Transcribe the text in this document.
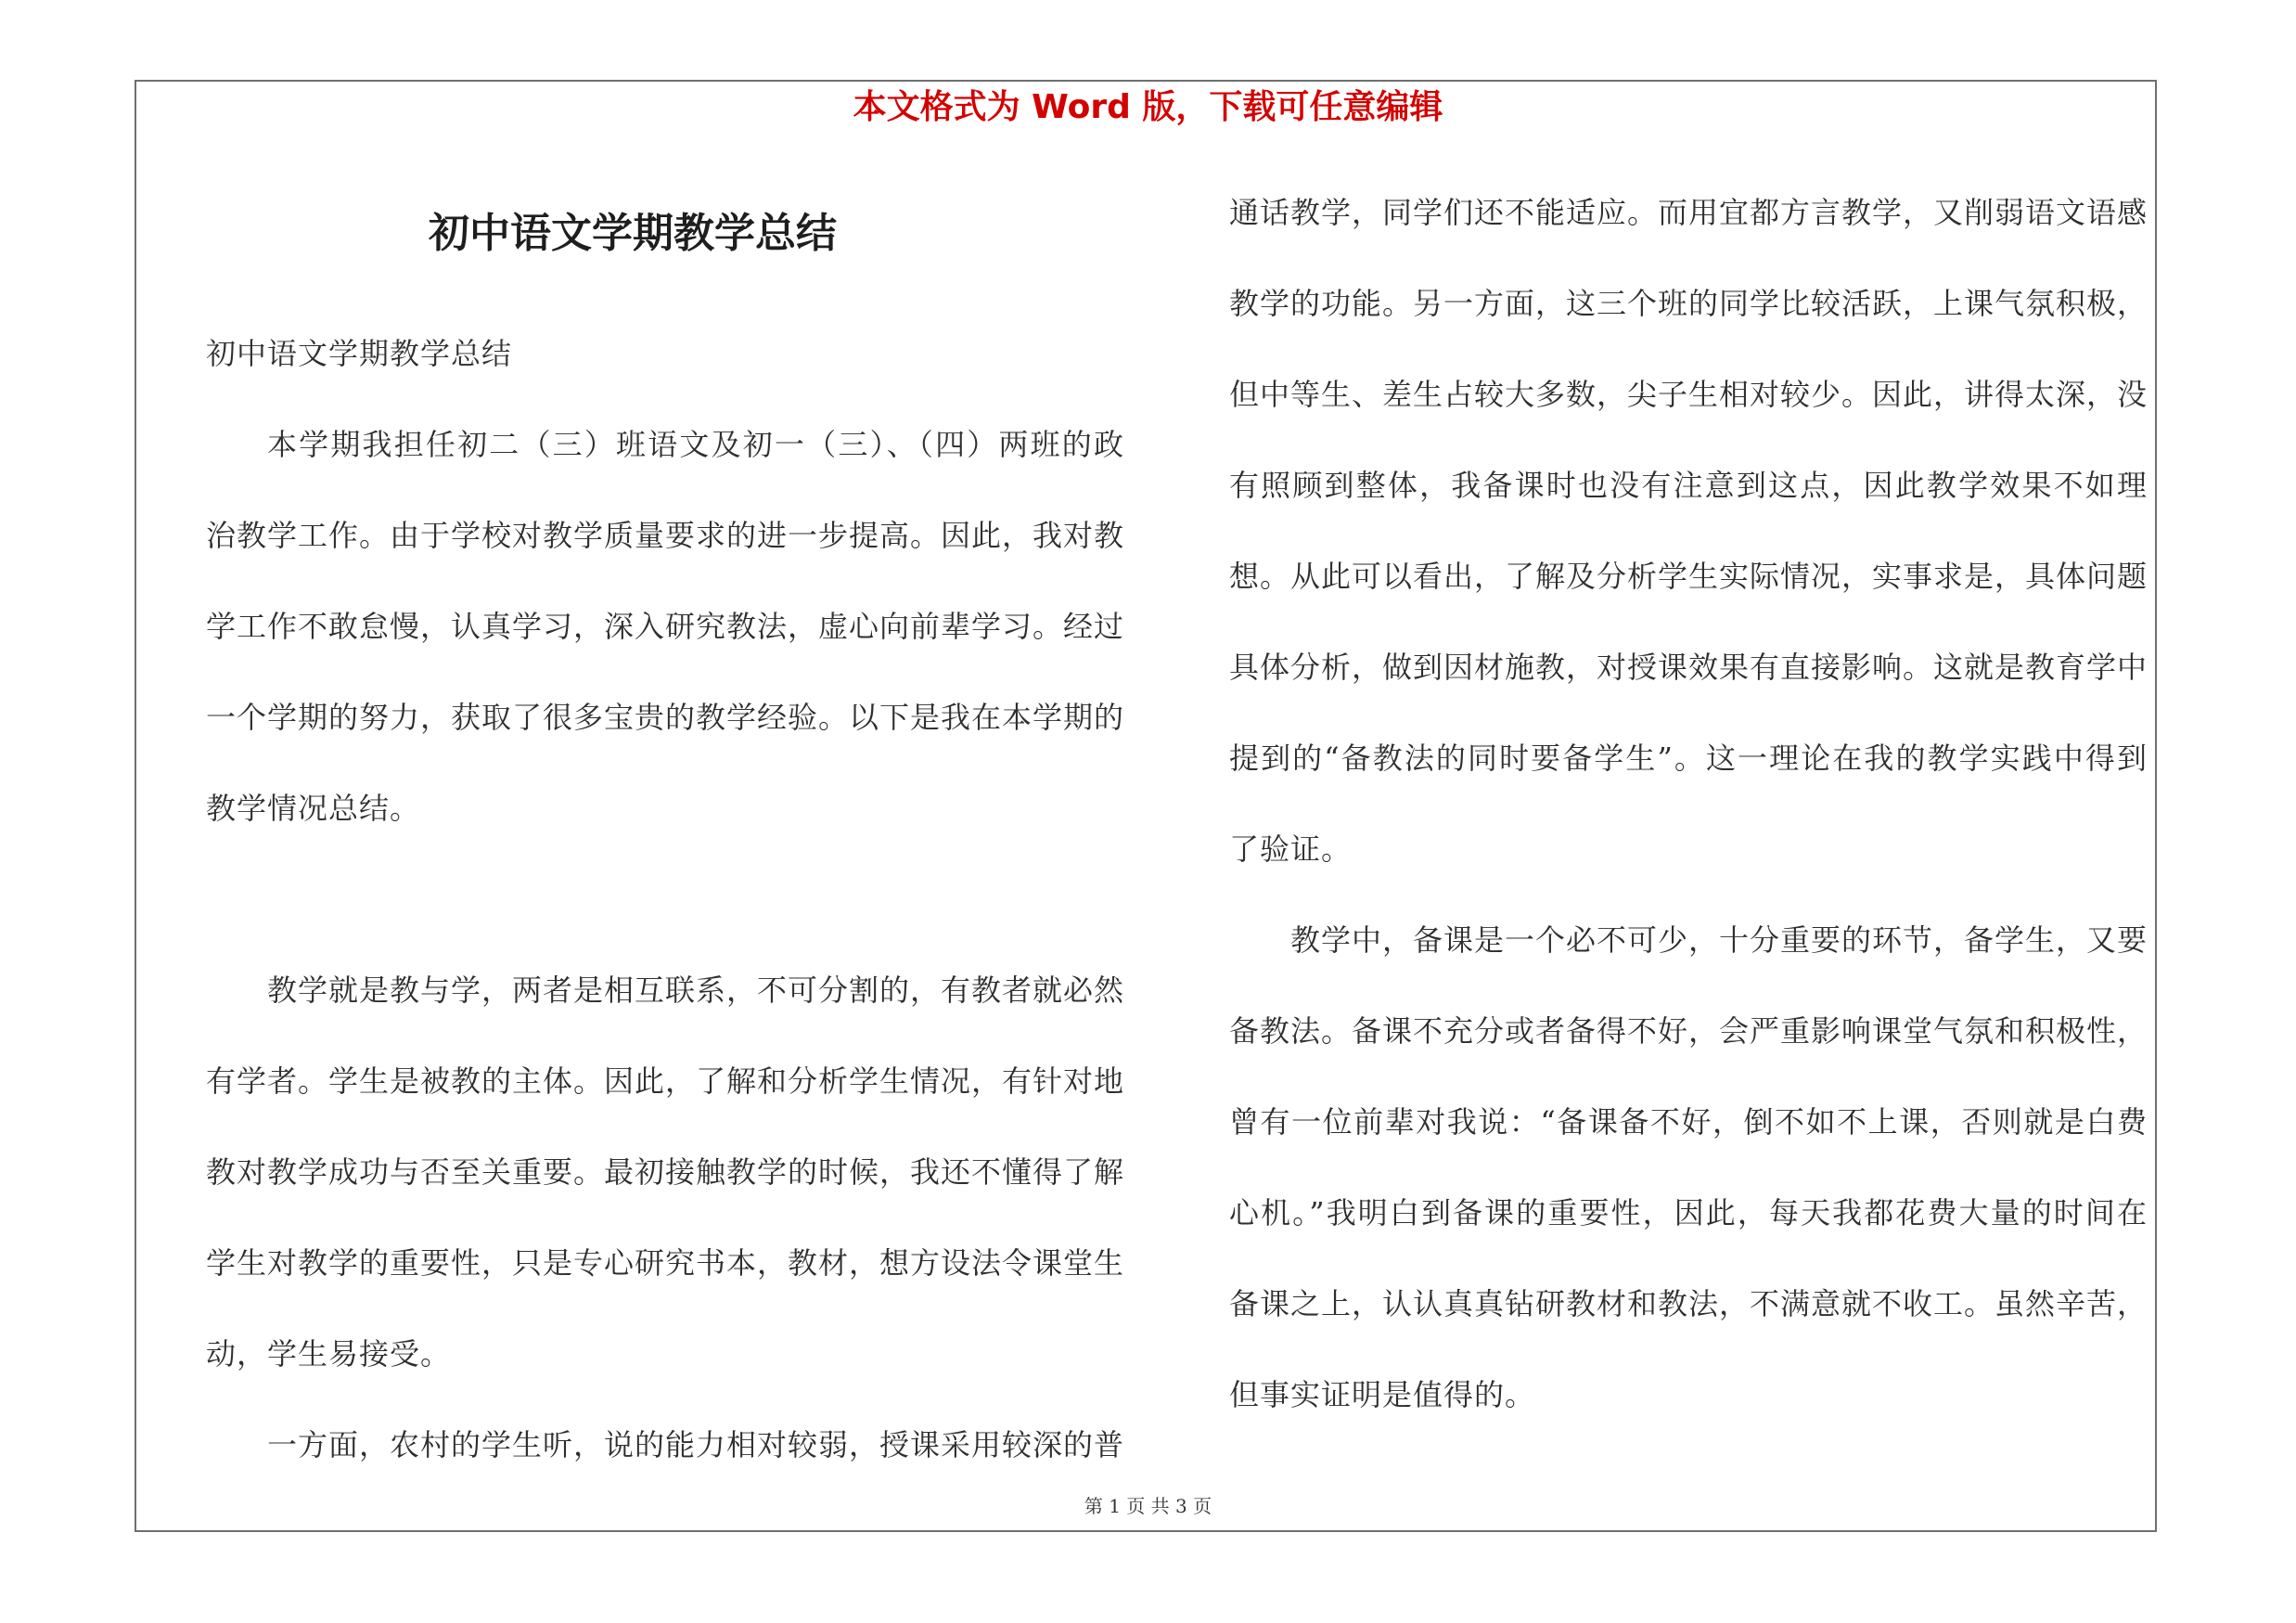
本文格式为 Word 版，下载可任意编辑
初中语文学期教学总结

初中语文学期教学总结

本学期我担任初二（三）班语文及初一（三）、（四）两班的政治教学工作。由于学校对教学质量要求的进一步提高。因此，我对教学工作不敢怠慢，认真学习，深入研究教法，虚心向前辈学习。经过一个学期的努力，获取了很多宝贵的教学经验。以下是我在本学期的教学情况总结。

教学就是教与学，两者是相互联系，不可分割的，有教者就必然有学者。学生是被教的主体。因此，了解和分析学生情况，有针对地教对教学成功与否至关重要。最初接触教学的时候，我还不懂得了解学生对教学的重要性，只是专心研究书本，教材，想方设法令课堂生动，学生易接受。

一方面，农村的学生听，说的能力相对较弱，授课采用较深的普

通话教学，同学们还不能适应。而用宜都方言教学，又削弱语文语感教学的功能。另一方面，这三个班的同学比较活跃，上课气氛积极，但中等生、差生占较大多数，尖子生相对较少。因此，讲得太深，没有照顾到整体，我备课时也没有注意到这点，因此教学效果不如理想。从此可以看出，了解及分析学生实际情况，实事求是，具体问题具体分析，做到因材施教，对授课效果有直接影响。这就是教育学中提到的“备教法的同时要备学生”。这一理论在我的教学实践中得到了验证。

教学中，备课是一个必不可少，十分重要的环节，备学生，又要备教法。备课不充分或者备得不好，会严重影响课堂气氛和积极性，曾有一位前辈对我说：“备课备不好，倒不如不上课，否则就是白费心机。”我明白到备课的重要性，因此，每天我都花费大量的时间在备课之上，认认真真钻研教材和教法，不满意就不收工。虽然辛苦，但事实证明是值得的。

第 1 页 共 3 页
